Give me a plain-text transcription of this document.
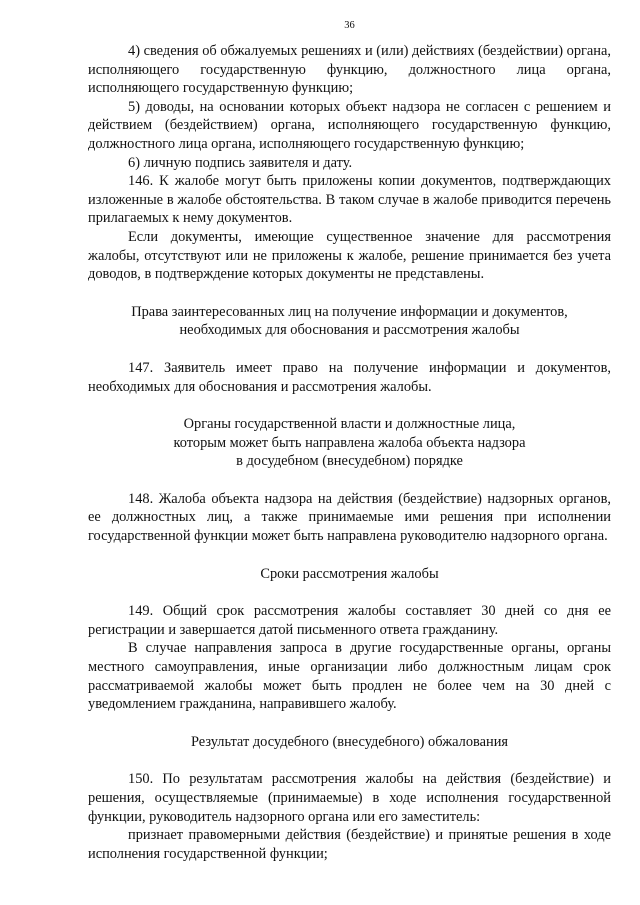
36

4) сведения об обжалуемых решениях и (или) действиях (бездействии) органа, исполняющего государственную функцию, должностного лица органа, исполняющего государственную функцию;

5) доводы, на основании которых объект надзора не согласен с решением и действием (бездействием) органа, исполняющего государственную функцию, должностного лица органа, исполняющего государственную функцию;

6) личную подпись заявителя и дату.

146. К жалобе могут быть приложены копии документов, подтверждающих изложенные в жалобе обстоятельства. В таком случае в жалобе приводится перечень прилагаемых к нему документов.

Если документы, имеющие существенное значение для рассмотрения жалобы, отсутствуют или не приложены к жалобе, решение принимается без учета доводов, в подтверждение которых документы не представлены.

Права заинтересованных лиц на получение информации и документов,
необходимых для обоснования и рассмотрения жалобы

147. Заявитель имеет право на получение информации и документов, необходимых для обоснования и рассмотрения жалобы.

Органы государственной власти и должностные лица,
которым может быть направлена жалоба объекта надзора
в досудебном (внесудебном) порядке

148. Жалоба объекта надзора на действия (бездействие) надзорных органов, ее должностных лиц, а также принимаемые ими решения при исполнении государственной функции может быть направлена руководителю надзорного органа.

Сроки рассмотрения жалобы

149. Общий срок рассмотрения жалобы составляет 30 дней со дня ее регистрации и завершается датой письменного ответа гражданину.

В случае направления запроса в другие государственные органы, органы местного самоуправления, иные организации либо должностным лицам срок рассматриваемой жалобы может быть продлен не более чем на 30 дней с уведомлением гражданина, направившего жалобу.

Результат досудебного (внесудебного) обжалования

150. По результатам рассмотрения жалобы на действия (бездействие) и решения, осуществляемые (принимаемые) в ходе исполнения государственной функции, руководитель надзорного органа или его заместитель:

признает правомерными действия (бездействие) и принятые решения в ходе исполнения государственной функции;
